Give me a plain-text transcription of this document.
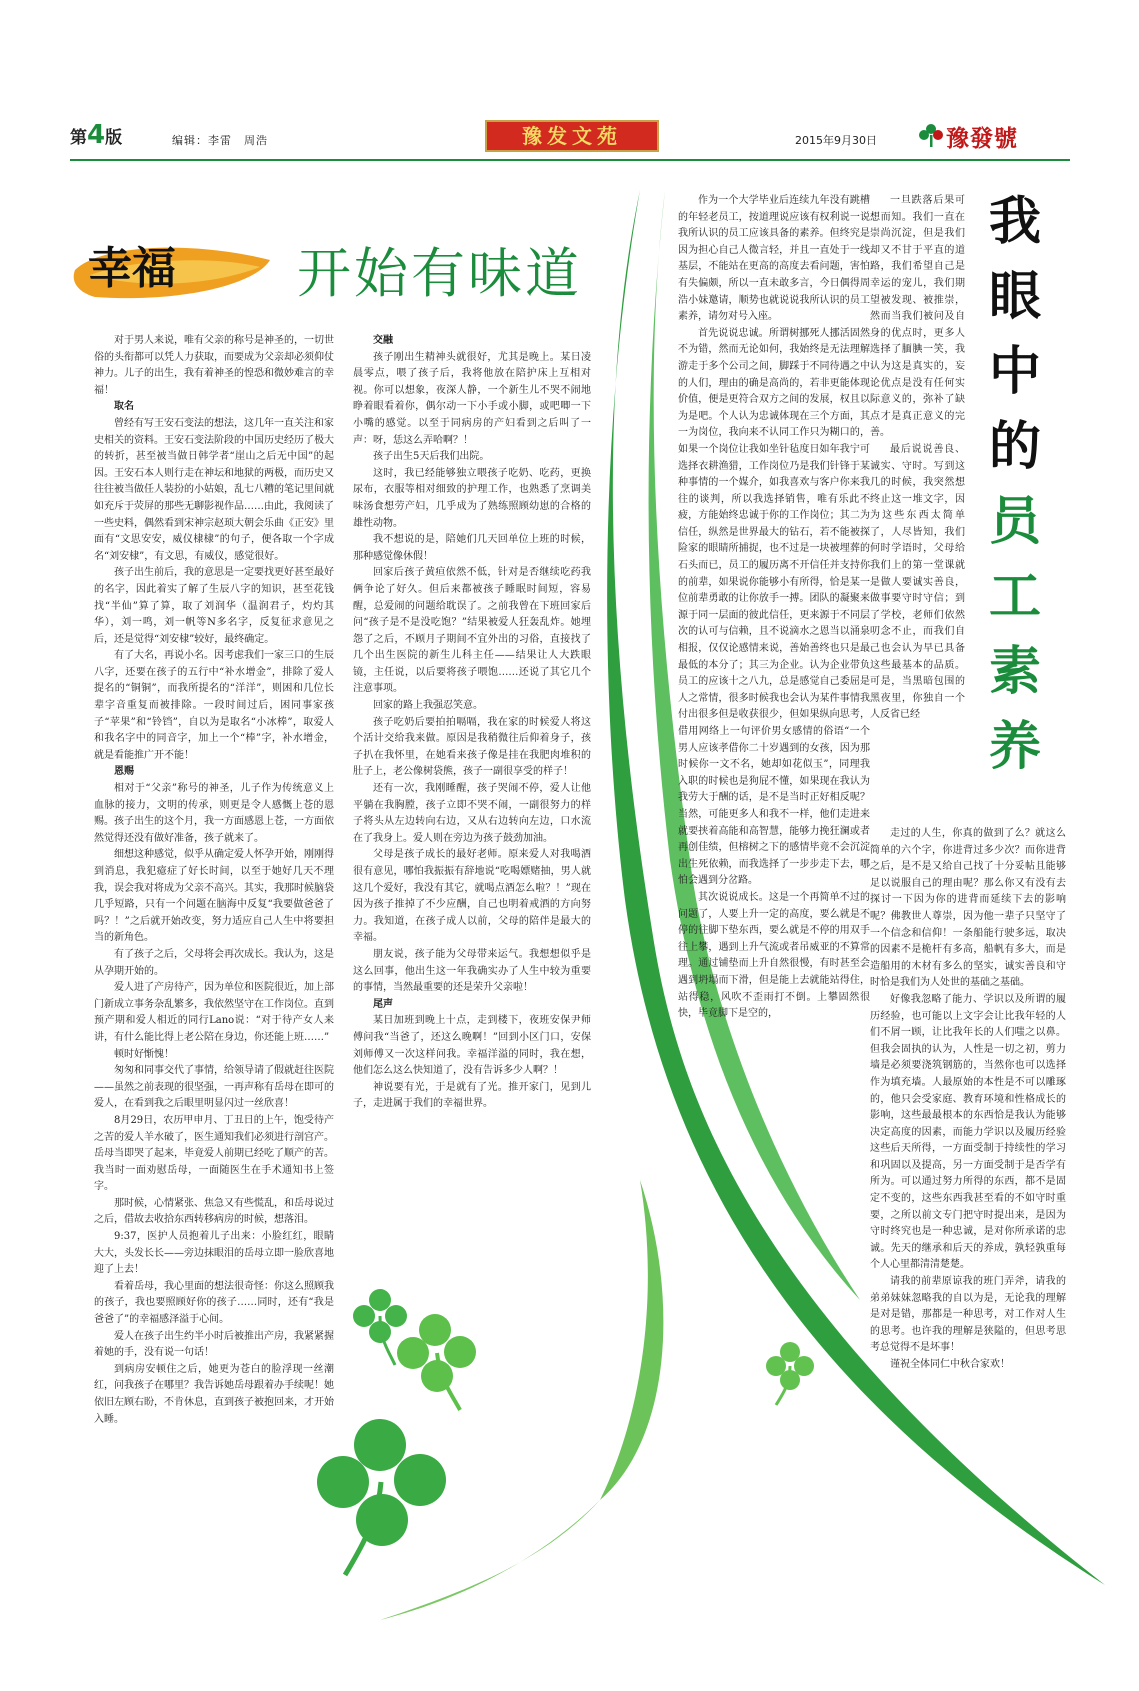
第4版	编辑：李雷　周浩	豫发文苑	2015年9月30日	豫發號
幸福 开始有味道

对于男人来说，唯有父亲的称号是神圣的，一切世俗的头衔都可以凭人力获取，而要成为父亲却必须仰仗神力。儿子的出生，我有着神圣的惶恐和微妙难言的幸福！

取名

曾经有写王安石变法的想法，这几年一直关注和家史相关的资料。王安石变法阶段的中国历史经历了极大的转折，甚至被当做日韩学者“崖山之后无中国”的起因。王安石本人则行走在神坛和地狱的两极，而历史又往往被当做任人装扮的小姑娘，乱七八糟的笔记里间就如充斥于荧屏的那些无聊影视作品……由此，我阅读了一些史料，偶然看到宋神宗赵顼大朝会乐曲《正安》里面有“文思安安，威仪棣棣”的句子，便各取一个字成名“刘安棣”，有文思，有威仪，感觉很好。

孩子出生前后，我的意思是一定要找更好甚至最好的名字，因此着实了解了生辰八字的知识，甚至花钱找“半仙”算了算，取了刘润华（温润君子，灼灼其华），刘一鸣，刘一帆等N多名字，反复征求意见之后，还是觉得“刘安棣”较好，最终确定。

有了大名，再说小名。因考虑我们一家三口的生辰八字，还要在孩子的五行中“补水增金”，排除了爱人提名的“铜铜”，而我所提名的“洋洋”，则困和几位长辈字音重复而被排除。一段时间过后，困同事家孩子“苹果”和“铃铛”，自以为是取名“小冰棒”，取爱人和我名字中的同音字，加上一个“棒”字，补水增金，就是看能推广开不能！

恩赐

相对于“父亲”称号的神圣，儿子作为传统意义上血脉的接力，文明的传承，则更是令人感慨上苍的恩赐。孩子出生的这个月，我一方面感恩上苍，一方面依然觉得还没有做好准备，孩子就来了。

细想这种感觉，似乎从确定爱人怀孕开始，刚刚得到消息，我犯癔症了好长时间，以至于她好几天不理我，误会我对将成为父亲不高兴。其实，我那时候脑袋几乎短路，只有一个问题在脑海中反复“我要做爸爸了吗？！”之后就开始改变，努力适应自己人生中将要担当的新角色。

有了孩子之后，父母将会再次成长。我认为，这是从孕期开始的。

爱人进了产房待产，因为单位和医院很近，加上部门新成立事务杂乱繁多，我依然坚守在工作岗位。直到预产期和爱人相近的同行Lano说：“对于待产女人来讲，有什么能比得上老公陪在身边，你还能上班……”

顿时好惭愧！

匆匆和同事交代了事情，给领导请了假就赶往医院——虽然之前表现的很坚强，一再声称有岳母在即可的爱人，在看到我之后眼里明显闪过一丝欣喜！

8月29日，农历甲申月、丁丑日的上午，饱受待产之苦的爱人羊水破了，医生通知我们必须进行剖宫产。岳母当即哭了起来，毕竟爱人前期已经吃了顺产的苦。我当时一面劝慰岳母，一面随医生在手术通知书上签字。

那时候，心情紧张、焦急又有些慌乱，和岳母说过之后，借故去收拾东西转移病房的时候，想落泪。

9:37，医护人员抱着儿子出来：小脸红红，眼睛大大，头发长长——旁边抹眼泪的岳母立即一脸欣喜地迎了上去！

看着岳母，我心里面的想法很奇怪：你这么照顾我的孩子，我也要照顾好你的孩子……同时，还有“我是爸爸了”的幸福感泽溢于心间。

爱人在孩子出生约半小时后被推出产房，我紧紧握着她的手，没有说一句话！

到病房安顿住之后，她更为苍白的脸浮现一丝潮红，问我孩子在哪里？我告诉她岳母跟着办手续呢！她依旧左顾右盼，不肯休息，直到孩子被抱回来，才开始入睡。

交融

孩子刚出生精神头就很好，尤其是晚上。某日凌晨零点，喂了孩子后，我将他放在陪护床上互相对视。你可以想象，夜深人静，一个新生儿不哭不闹地睁着眼看着你，偶尔动一下小手或小脚，或吧唧一下小嘴的感觉。以至于同病房的产妇看到之后叫了一声：呀，恁这么弄哈啊？！

孩子出生5天后我们出院。

这时，我已经能够独立喂孩子吃奶、吃药，更换尿布，衣服等相对细致的护理工作，也熟悉了烹调美味汤食想劳产妇，几乎成为了熟练照顾幼崽的合格的雄性动物。

我不想说的是，陪她们几天回单位上班的时候，那种感觉像休假！

回家后孩子黄疸依然不低，针对是否继续吃药我俩争论了好久。但后来都被孩子睡眠时间短，容易醒，总爱闹的问题给耽误了。之前我曾在下班回家后问“孩子是不是没吃饱？”结果被爱人狂轰乱炸。她埋怨了之后，不顾月子期间不宜外出的习俗，直接找了几个出生医院的新生儿科主任——结果让人大跌眼镜，主任说，以后要将孩子喂饱……还说了其它几个注意事项。

回家的路上我强忍笑意。

孩子吃奶后要拍拍嗝嗝，我在家的时候爱人将这个活计交给我来做。原因是我稍微往后仰着身子，孩子扒在我怀里，在她看来孩子像是挂在我肥肉堆积的肚子上，老公像树袋熊，孩子一副很享受的样子！

还有一次，我刚睡醒，孩子哭闹不停，爱人让他平躺在我胸膛，孩子立即不哭不闹，一副很努力的样子将头从左边转向右边，又从右边转向左边，口水流在了我身上。爱人则在旁边为孩子鼓劲加油。

父母是孩子成长的最好老师。原来爱人对我喝酒很有意见，哪怕我振振有辞地说“吃喝嫖赌抽，男人就这几个爱好，我没有其它，就喝点酒怎么啦？！”现在因为孩子推掉了不少应酬，自己也明着戒酒的方向努力。我知道，在孩子成人以前，父母的陪伴是最大的幸福。

朋友说，孩子能为父母带来运气。我想想似乎是这么回事，他出生这一年我确实办了人生中较为重要的事情，当然最重要的还是荣升父亲啦！

尾声

某日加班到晚上十点，走到楼下，夜班安保尹师傅问我“当爸了，还这么晚啊！”回到小区门口，安保刘师傅又一次这样问我。幸福洋溢的同时，我在想，他们怎么这么快知道了，没有告诉多少人啊？！

神说要有光，于是就有了光。推开家门，见到儿子，走进属于我们的幸福世界。

作为一个大学毕业后连续九年没有跳槽的年轻老员工，按道理说应该有权利说一说我所认识的员工应该具备的素养。但终究是因为担心自己人微言轻，并且一直处于一线基层，不能站在更高的高度去看问题，害怕有失偏颇，所以一直未敢多言，今日偶得周浩小妹邀请，顺势也就说说我所认识的员工素养，请勿对号入座。

首先说说忠诚。所谓树挪死人挪活固然不为错，然而无论如何，我始终是无法理解游走于多个公司之间，脚踩于不同待遇之中的人们，理由的确是高尚的，若非更能体现价值，便是更符合双方之间的发展，权且以为是吧。个人认为忠诚体现在三个方面，其一为岗位，我向来不认同工作只为糊口的，如果一个岗位让我如坐针毡度日如年我宁可选择衣耕渔猎，工作岗位乃是我们针锋于某种事情的一个媒介，如我喜欢与客户你来我往的谈判，所以我选择销售，唯有乐此不疲，方能始终忠诚于你的工作岗位；其二为信任，纵然是世界最大的钻石，若不能被探险家的眼睛所捕捉，也不过是一块被埋葬的石头而已，员工的履历离不开信任并支持你的前辈，如果说你能够小有所得，恰是某一位前辈勇敢的让你放手一搏。团队的凝聚来源于同一层面的彼此信任，更来源于不同层次的认可与信赖，且不说滴水之恩当以涌泉相报，仅仅论感情来说，善始善终也只是最最低的本分了；其三为企业。认为企业带负员工的应该十之八九，总是感觉自己委屈是人之常情，很多时候我也会认为某件事情我付出很多但是收获很少，但如果纵向思考，借用网络上一句评价男女感情的俗语“一个男人应该孝借你二十岁遇到的女孩，因为那时候你一文不名，她却如花似玉”，同理我入职的时候也是狗屁不懂，如果现在我认为我劳大于酬的话，是不是当时正好相反呢？当然，可能更多人和我不一样，他们走进来就要挟着高能和高智慧，能够力挽狂澜或者再创佳绩，但榕树之下的感情毕竟不会沉淀出生死依赖，而我选择了一步步走下去，哪怕会遇到分岔路。

其次说说成长。这是一个再简单不过的问题了，人要上升一定的高度，要么就是不停的往脚下垫东西，要么就是不停的用双手往上攀，遇到上升气流或者吊威亚的不算常理。通过铺垫而上升自然很慢，有时甚至会遇到坍塌而下滑，但是能上去就能站得住，站得稳，风吹不歪雨打不倒。上攀固然很快，毕竟脚下是空的，

一旦跌落后果可想而知。我们一直在崇尚沉淀，但是我们却又不甘于平直的道路，我们希望自己是幸运的宠儿，我们期望被发现、被推崇，然而当我们被问及自身的优点时，更多人选择了腼腆一笑，我认为这是真实的，妄论优点是没有任何实际意义的，弥补了缺点才是真正意义的完善。

最后说说善良、诚实、守时。写到这几的时候，我突然想终止这一堆文字，因为这些东西太简单了，人尽皆知，我们何时学语时，父母给我们上的第一堂课就是做人要诚实善良，做事要守时守信；到了学校，老师们依然叨念不止，而我们自己也会认为早已具备这些最基本的品质。可是，当黑暗包围的黑夜里，你独自一个人反省已经

走过的人生，你真的做到了么？就这么简单的六个字，你进背过多少次？而你进背之后，是不是又给自己找了十分妥帖且能够足以说服自己的理由呢？那么你又有没有去探讨一下因为你的进背而延续下去的影响呢？佛教世人尊崇，因为他一辈子只坚守了一个信念和信仰！一条船能行驶多远，取决的因素不是桅杆有多高，船帆有多大，而是造船用的木材有多么的坚实，诚实善良和守时恰是我们为人处世的基础之基础。

好像我忽略了能力、学识以及所谓的履历经验，也可能以上文字会让比我年轻的人们不屑一顾，让比我年长的人们嗤之以鼻。但我会固执的认为，人性是一切之初，剪力墙是必须要浇筑钢筋的，当然你也可以选择作为填充墙。人最原始的本性是不可以雕琢的，他只会受家庭、教育环境和性格成长的影响，这些最最根本的东西恰是我认为能够决定高度的因素，而能力学识以及履历经验这些后天所得，一方面受制于持续性的学习和巩固以及提高，另一方面受制于是否学有所为。可以通过努力所得的东西，都不是固定不变的，这些东西我甚至看的不如守时重要，之所以前文专门把守时提出来，是因为守时终究也是一种忠诚，是对你所承诺的忠诚。先天的继承和后天的养成，孰轻孰重每个人心里都清清楚楚。

请我的前辈原谅我的班门弄斧，请我的弟弟妹妹忽略我的自以为是，无论我的理解是对是错，那都是一种思考，对工作对人生的思考。也许我的理解是狭隘的，但思考思考总觉得不是坏事！

谨祝全体同仁中秋合家欢！

我
眼
中
的
员
工
素
养
